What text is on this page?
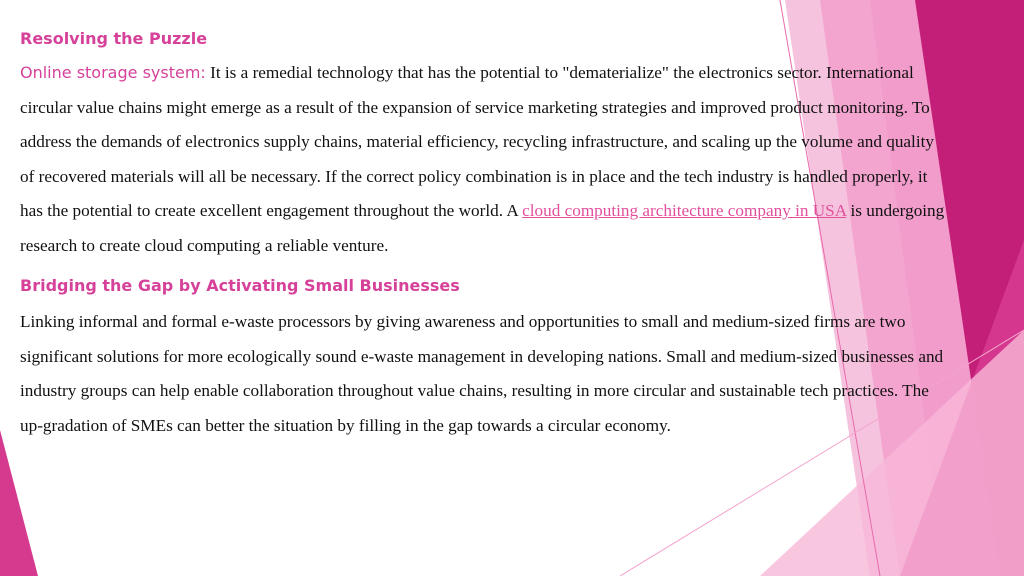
Resolving the Puzzle

Online storage system: It is a remedial technology that has the potential to "dematerialize" the electronics sector. International circular value chains might emerge as a result of the expansion of service marketing strategies and improved product monitoring. To address the demands of electronics supply chains, material efficiency, recycling infrastructure, and scaling up the volume and quality of recovered materials will all be necessary. If the correct policy combination is in place and the tech industry is handled properly, it has the potential to create excellent engagement throughout the world. A cloud computing architecture company in USA is undergoing research to create cloud computing a reliable venture.

Bridging the Gap by Activating Small Businesses

Linking informal and formal e-waste processors by giving awareness and opportunities to small and medium-sized firms are two significant solutions for more ecologically sound e-waste management in developing nations. Small and medium-sized businesses and industry groups can help enable collaboration throughout value chains, resulting in more circular and sustainable tech practices. The up-gradation of SMEs can better the situation by filling in the gap towards a circular economy.
